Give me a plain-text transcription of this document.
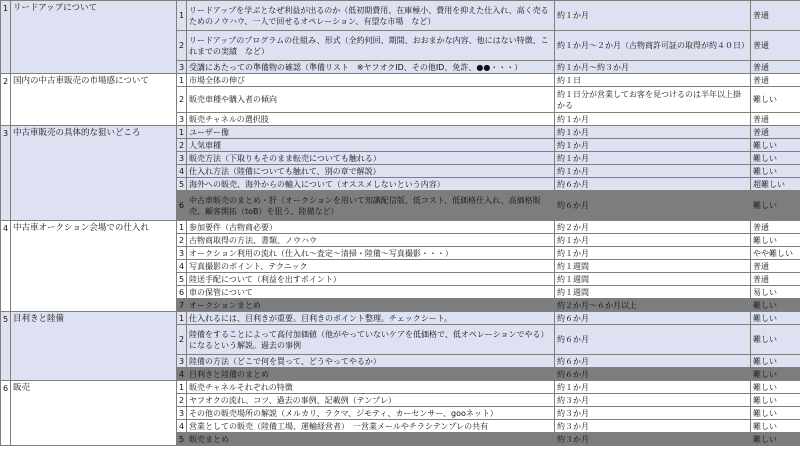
1	リードアップについて	1	リードアップを学ぶとなぜ利益が出るのか（低初期費用、在庫極小、費用を抑えた仕入れ、高く売るためのノウハウ、一人で回せるオペレーション、有望な市場　など）	約１か月	普通
		2	リードアップのプログラムの仕組み、形式（全約何回、期間、おおまかな内容、他にはない特徴、これまでの実績　など）	約１か月～２か月（古物商許可証の取得が約４０日）	普通
		3	受講にあたっての準備物の確認（準備リスト　※ヤフオクID、その他ID、免許、●●・・・）	約１か月～約３か月	普通
2	国内の中古車販売の市場感について	1	市場全体の伸び	約１日	普通
		2	販売車種や購入者の傾向	約１日分が営業してお客を見つけるのは半年以上掛かる	難しい
		3	販売チャネルの選択肢	約１か月	普通
3	中古車販売の具体的な狙いどころ	1	ユーザー像	約１か月	普通
		2	人気車種	約１か月	難しい
		3	販売方法（下取りもそのまま転売についても触れる）	約１か月	難しい
		4	仕入れ方法（陸備についても触れて、別の章で解説）	約１か月	難しい
		5	海外への販売、海外からの輸入について（オススメしないという内容）	約６か月	超難しい
		6	中古車販売のまとめ・肝（オークションを用いて知識配信版、低コスト、低価格仕入れ、高価格販売、顧客開拓（toB）を狙う、陸備など）	約６か月	難しい
4	中古車オークション会場での仕入れ	1	参加要件（古物商必要）	約２か月	普通
		2	古物商取得の方法、書類、ノウハウ	約１か月	難しい
		3	オークション利用の流れ（仕入れ～査定～清掃・陸備～写真撮影・・・）	約１か月	やや難しい
		4	写真撮影のポイント、テクニック	約１週間	普通
		5	陸送手配について（利益を出すポイント）	約１週間	普通
		6	車の保管について	約１週間	易しい
		7	オークションまとめ	約２か月～６か月以上	難しい
5	目利きと陸備	1	仕入れるには、目利きが重要。目利きのポイント整理。チェックシート。	約６か月	難しい
		2	陸備をすることによって高付加価値（他がやっていないケアを低価格で、低オペレーションでやる）になるという解説。過去の事例	約６か月	難しい
		3	陸備の方法（どこで何を買って、どうやってやるか）	約６か月	難しい
		4	目利きと陸備のまとめ	約６か月	難しい
6	販売	1	販売チャネルそれぞれの特徴	約１か月	難しい
		2	ヤフオクの流れ、コツ、過去の事例、記載例（テンプレ）	約３か月	難しい
		3	その他の販売場所の解説（メルカリ、ラクマ、ジモティ、カーセンサー、gooネット）	約３か月	難しい
		4	営業としての販売（陸備工場、運輸経営者）　一営業メールやチラシテンプレの共有	約３か月	難しい
		5	販売まとめ	約３か月	難しい
